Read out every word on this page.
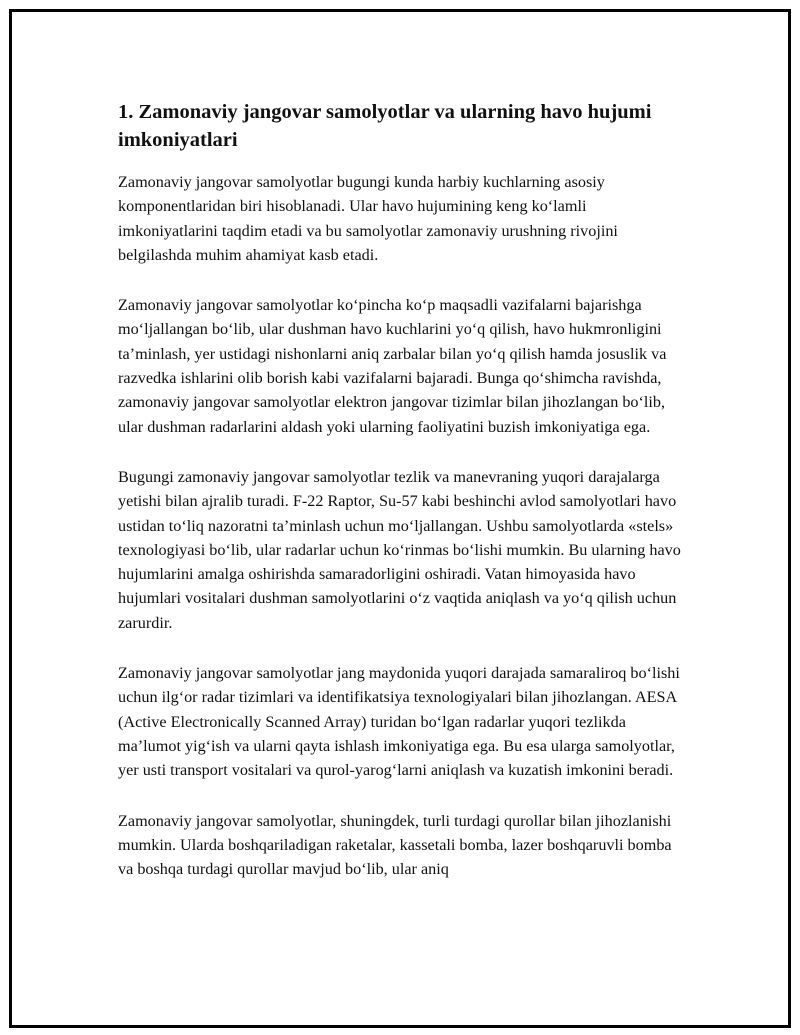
1. Zamonaviy jangovar samolyotlar va ularning havo hujumi imkoniyatlari

Zamonaviy jangovar samolyotlar bugungi kunda harbiy kuchlarning asosiy komponentlaridan biri hisoblanadi. Ular havo hujumining keng koʻlamli imkoniyatlarini taqdim etadi va bu samolyotlar zamonaviy urushning rivojini belgilashda muhim ahamiyat kasb etadi.

Zamonaviy jangovar samolyotlar koʻpincha koʻp maqsadli vazifalarni bajarishga moʻljallangan boʻlib, ular dushman havo kuchlarini yoʻq qilish, havo hukmronligini taʼminlash, yer ustidagi nishonlarni aniq zarbalar bilan yoʻq qilish hamda josuslik va razvedka ishlarini olib borish kabi vazifalarni bajaradi. Bunga qoʻshimcha ravishda, zamonaviy jangovar samolyotlar elektron jangovar tizimlar bilan jihozlangan boʻlib, ular dushman radarlarini aldash yoki ularning faoliyatini buzish imkoniyatiga ega.

Bugungi zamonaviy jangovar samolyotlar tezlik va manevraning yuqori darajalarga yetishi bilan ajralib turadi. F-22 Raptor, Su-57 kabi beshinchi avlod samolyotlari havo ustidan toʻliq nazoratni taʼminlash uchun moʻljallangan. Ushbu samolyotlarda «stels» texnologiyasi boʻlib, ular radarlar uchun koʻrinmas boʻlishi mumkin. Bu ularning havo hujumlarini amalga oshirishda samaradorligini oshiradi. Vatan himoyasida havo hujumlari vositalari dushman samolyotlarini oʻz vaqtida aniqlash va yoʻq qilish uchun zarurdir.

Zamonaviy jangovar samolyotlar jang maydonida yuqori darajada samaraliroq boʻlishi uchun ilgʻor radar tizimlari va identifikatsiya texnologiyalari bilan jihozlangan. AESA (Active Electronically Scanned Array) turidan boʻlgan radarlar yuqori tezlikda maʼlumot yigʻish va ularni qayta ishlash imkoniyatiga ega. Bu esa ularga samolyotlar, yer usti transport vositalari va qurol-yarogʻlarni aniqlash va kuzatish imkonini beradi.

Zamonaviy jangovar samolyotlar, shuningdek, turli turdagi qurollar bilan jihozlanishi mumkin. Ularda boshqariladigan raketalar, kassetali bomba, lazer boshqaruvli bomba va boshqa turdagi qurollar mavjud boʻlib, ular aniq
